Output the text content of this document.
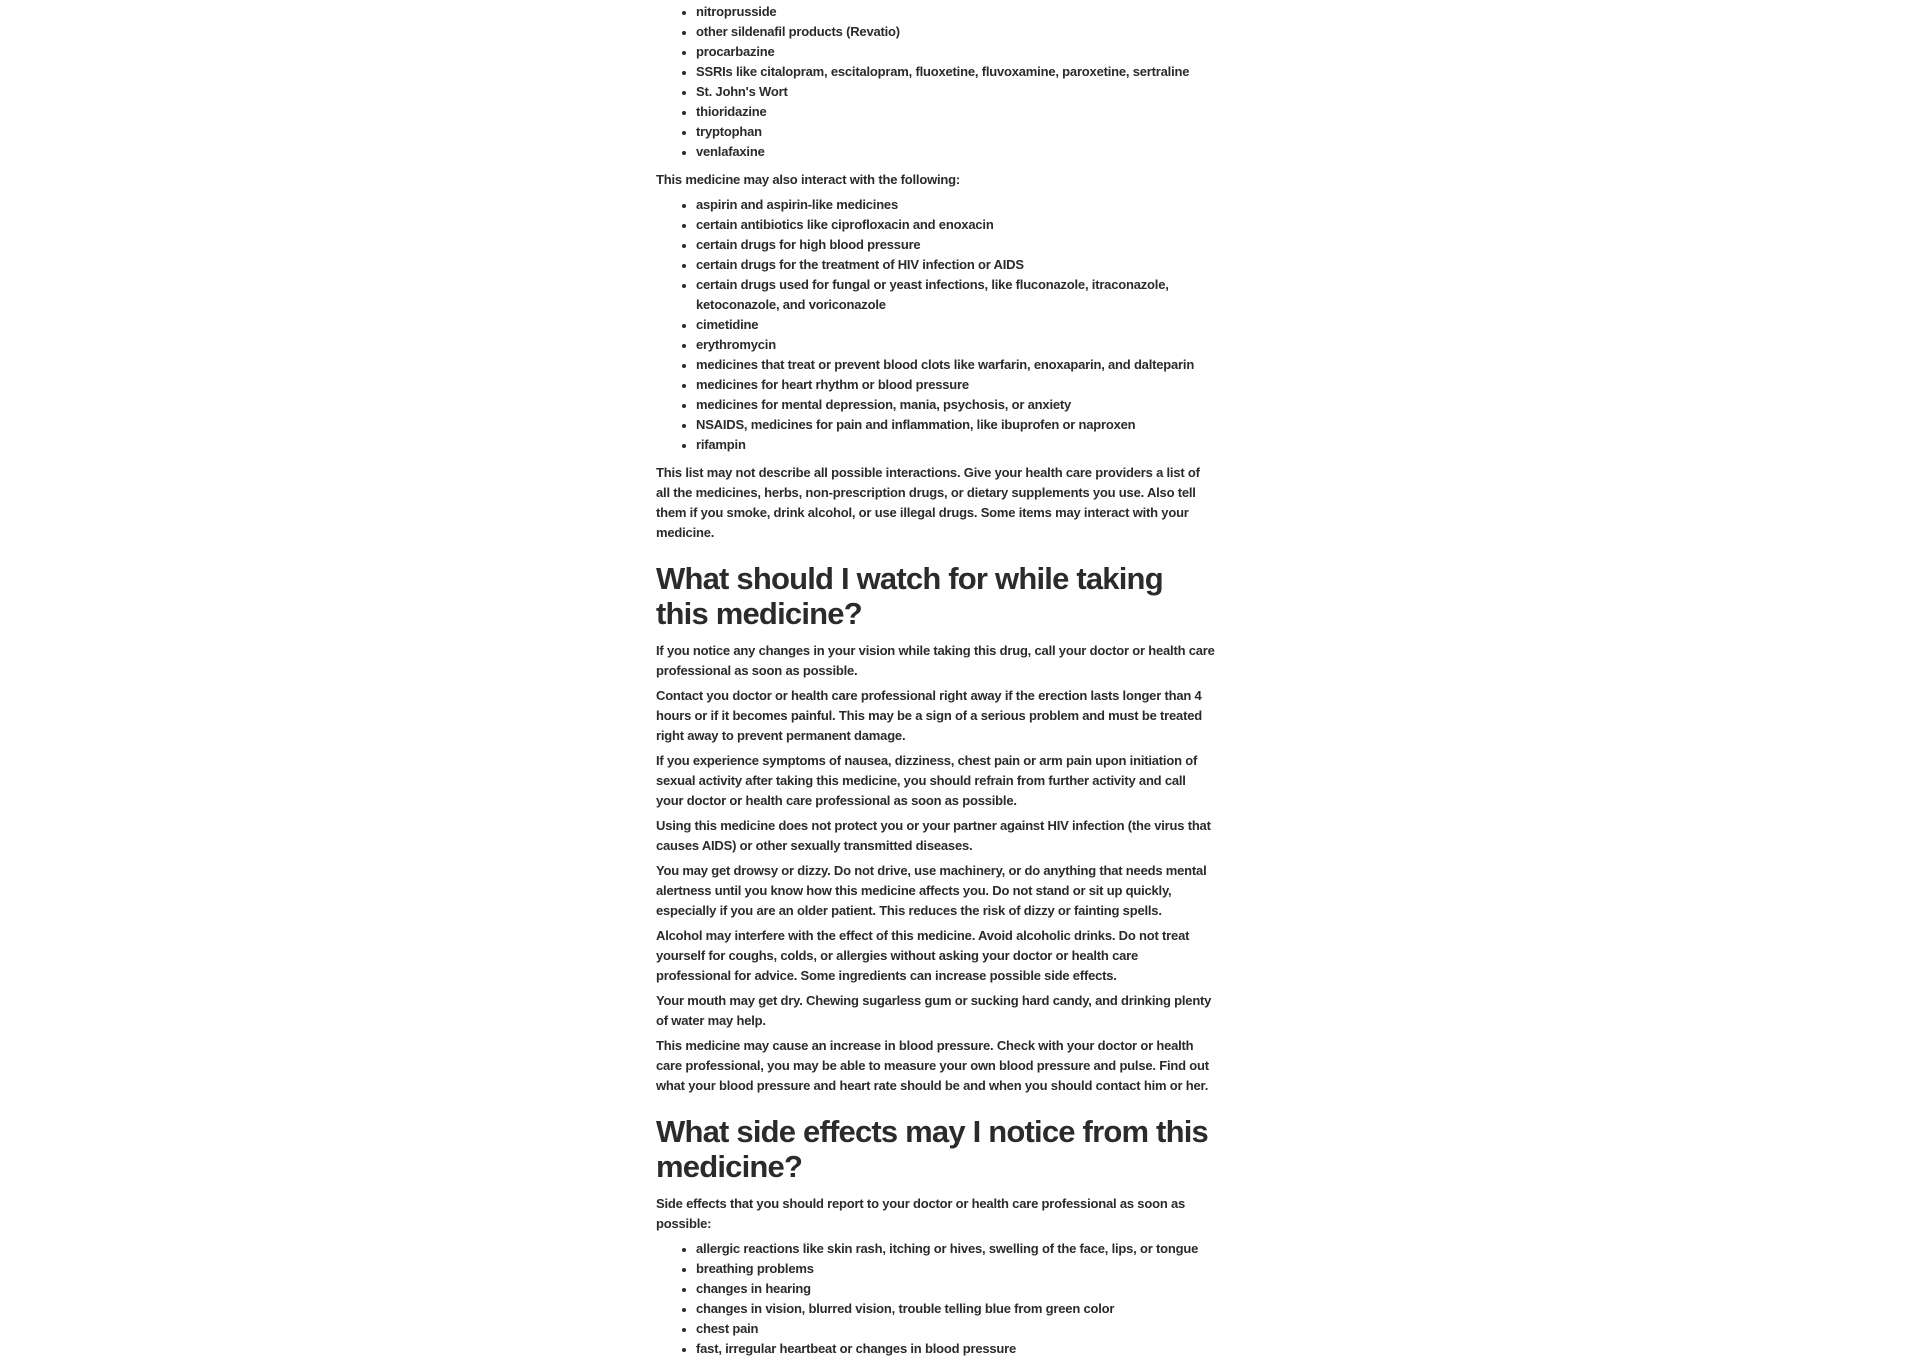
• nitroprusside
• other sildenafil products (Revatio)
• procarbazine
• SSRIs like citalopram, escitalopram, fluoxetine, fluvoxamine, paroxetine, sertraline
• St. John's Wort
• thioridazine
• tryptophan
• venlafaxine

This medicine may also interact with the following:

• aspirin and aspirin-like medicines
• certain antibiotics like ciprofloxacin and enoxacin
• certain drugs for high blood pressure
• certain drugs for the treatment of HIV infection or AIDS
• certain drugs used for fungal or yeast infections, like fluconazole, itraconazole, ketoconazole, and voriconazole
• cimetidine
• erythromycin
• medicines that treat or prevent blood clots like warfarin, enoxaparin, and dalteparin
• medicines for heart rhythm or blood pressure
• medicines for mental depression, mania, psychosis, or anxiety
• NSAIDS, medicines for pain and inflammation, like ibuprofen or naproxen
• rifampin

This list may not describe all possible interactions. Give your health care providers a list of all the medicines, herbs, non-prescription drugs, or dietary supplements you use. Also tell them if you smoke, drink alcohol, or use illegal drugs. Some items may interact with your medicine.

What should I watch for while taking this medicine?

If you notice any changes in your vision while taking this drug, call your doctor or health care professional as soon as possible.

Contact you doctor or health care professional right away if the erection lasts longer than 4 hours or if it becomes painful. This may be a sign of a serious problem and must be treated right away to prevent permanent damage.

If you experience symptoms of nausea, dizziness, chest pain or arm pain upon initiation of sexual activity after taking this medicine, you should refrain from further activity and call your doctor or health care professional as soon as possible.

Using this medicine does not protect you or your partner against HIV infection (the virus that causes AIDS) or other sexually transmitted diseases.

You may get drowsy or dizzy. Do not drive, use machinery, or do anything that needs mental alertness until you know how this medicine affects you. Do not stand or sit up quickly, especially if you are an older patient. This reduces the risk of dizzy or fainting spells.

Alcohol may interfere with the effect of this medicine. Avoid alcoholic drinks. Do not treat yourself for coughs, colds, or allergies without asking your doctor or health care professional for advice. Some ingredients can increase possible side effects.

Your mouth may get dry. Chewing sugarless gum or sucking hard candy, and drinking plenty of water may help.

This medicine may cause an increase in blood pressure. Check with your doctor or health care professional, you may be able to measure your own blood pressure and pulse. Find out what your blood pressure and heart rate should be and when you should contact him or her.

What side effects may I notice from this medicine?

Side effects that you should report to your doctor or health care professional as soon as possible:

• allergic reactions like skin rash, itching or hives, swelling of the face, lips, or tongue
• breathing problems
• changes in hearing
• changes in vision, blurred vision, trouble telling blue from green color
• chest pain
• fast, irregular heartbeat or changes in blood pressure
